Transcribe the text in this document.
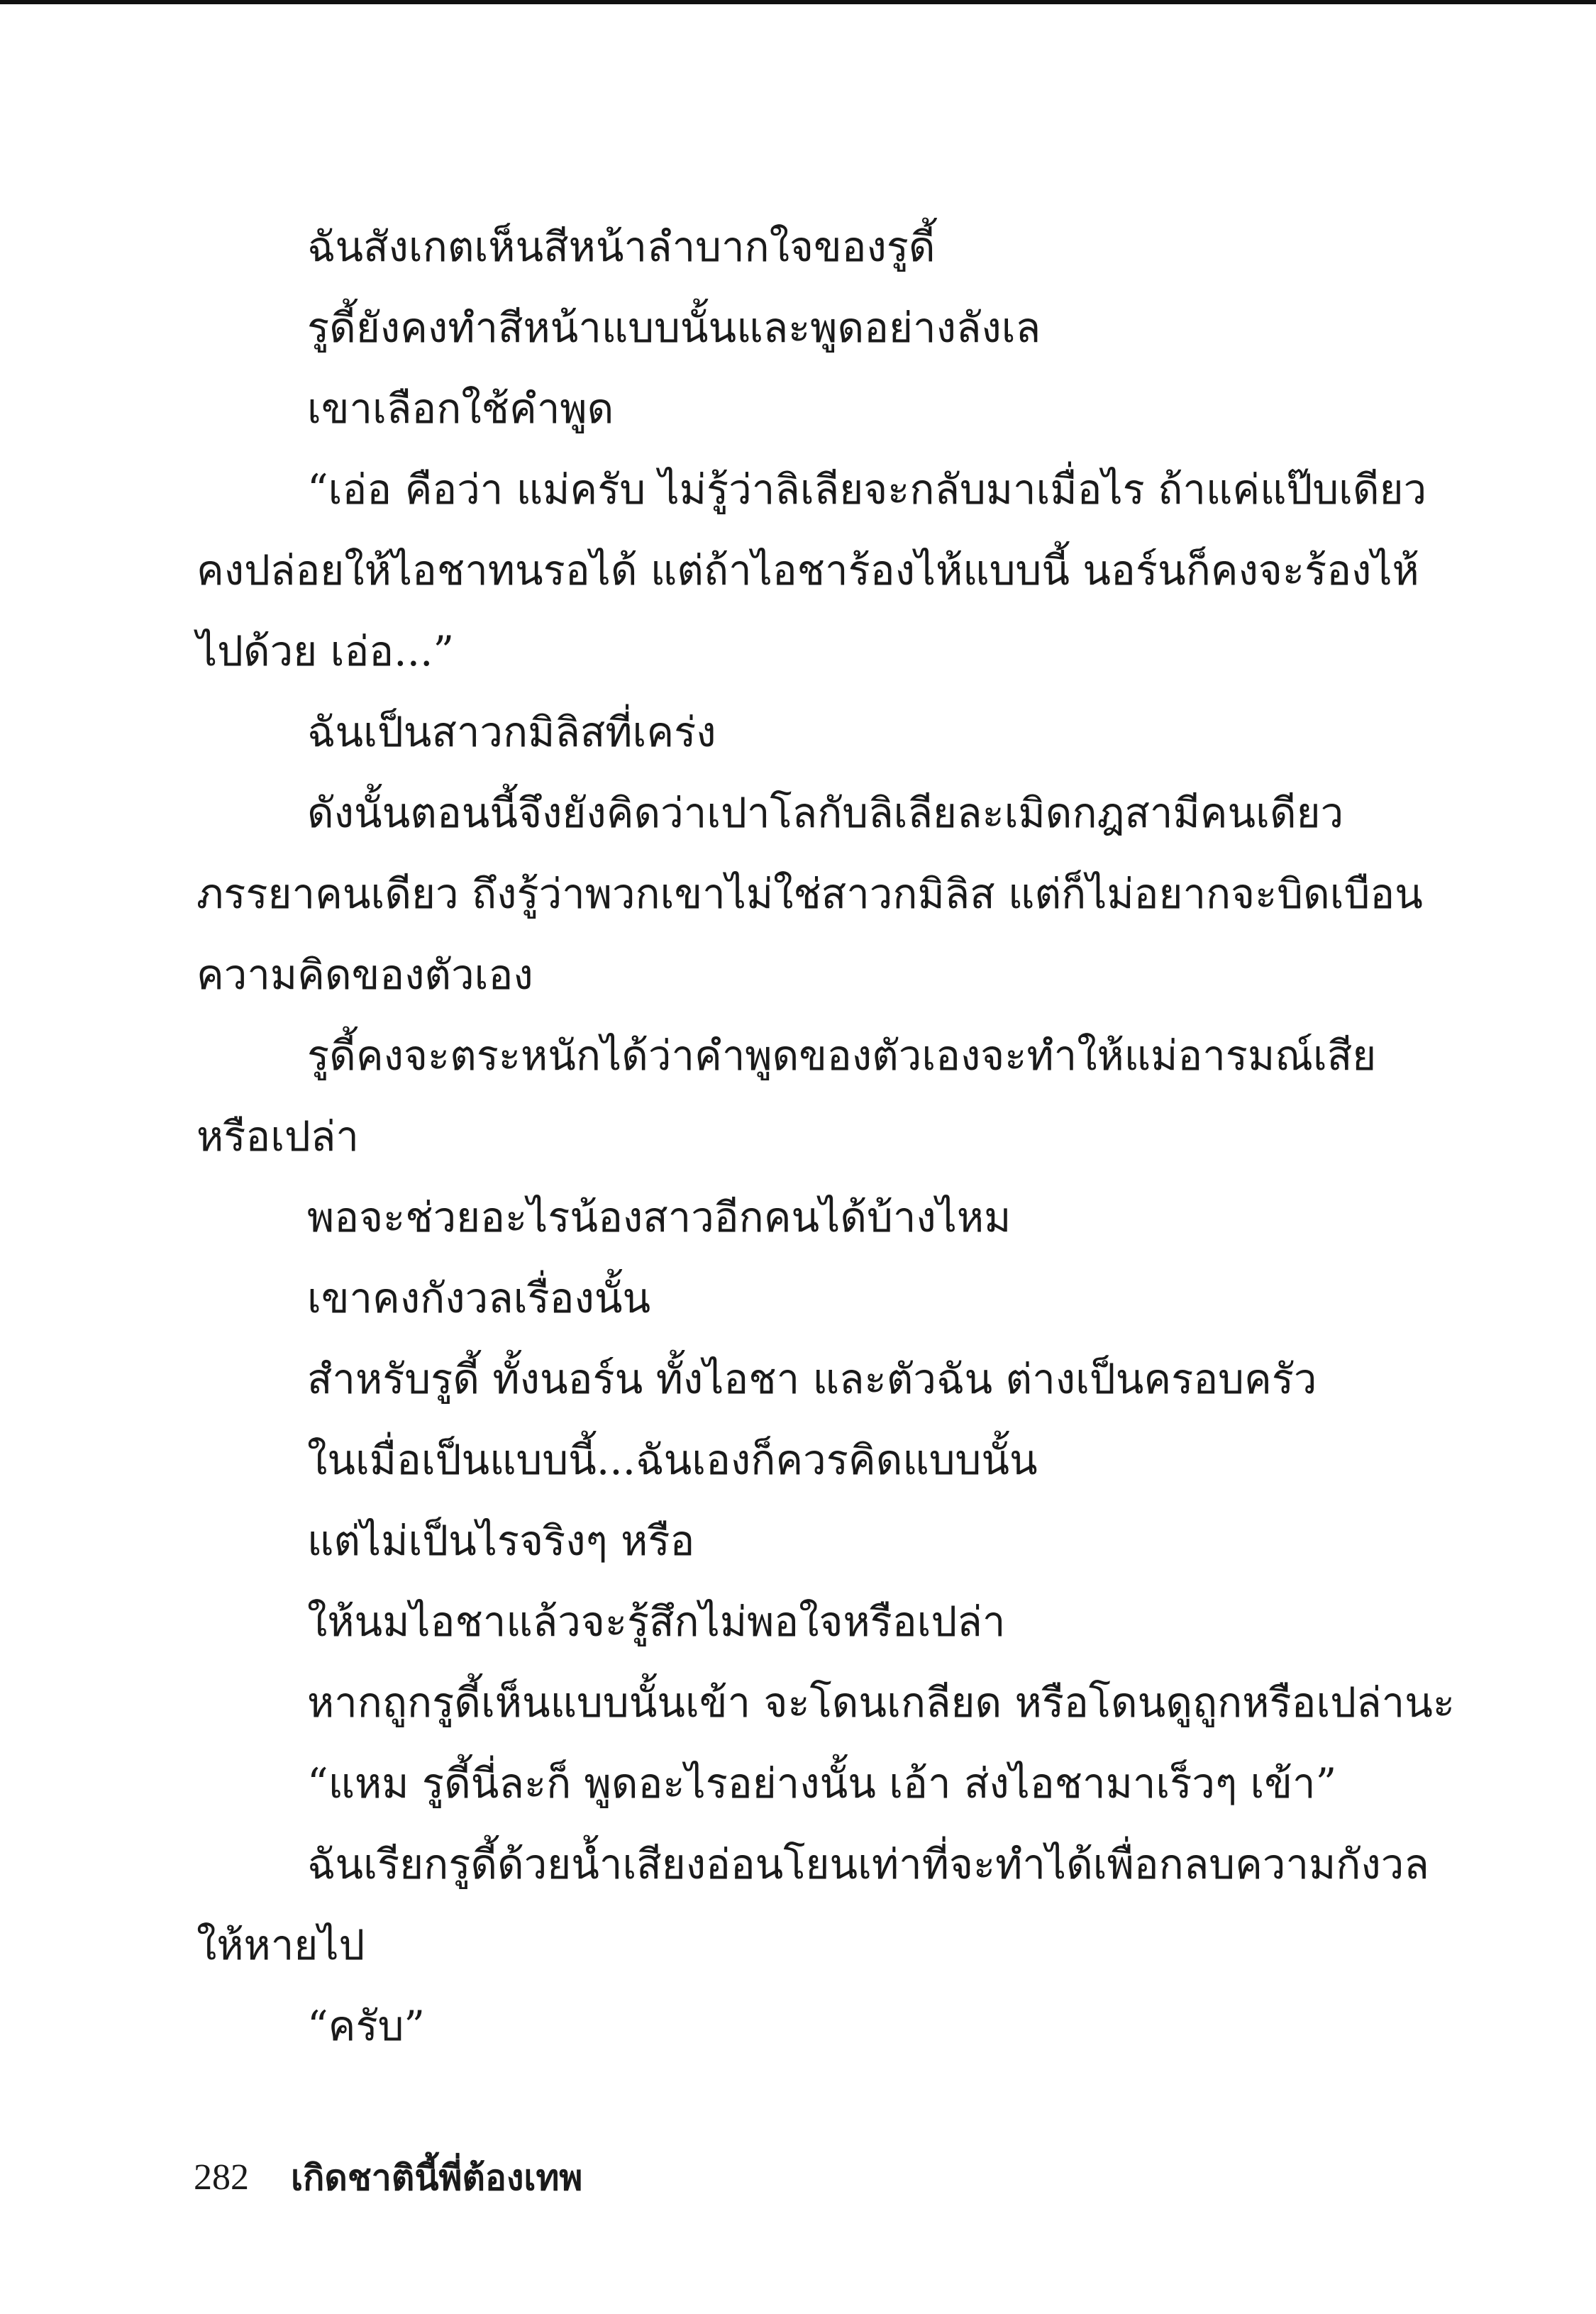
ฉันสังเกตเห็นสีหน้าลำบากใจของรูดี้
รูดี้ยังคงทำสีหน้าแบบนั้นและพูดอย่างลังเล
เขาเลือกใช้คำพูด
“เอ่อ คือว่า แม่ครับ ไม่รู้ว่าลิเลียจะกลับมาเมื่อไร ถ้าแค่แป๊บเดียว
คงปล่อยให้ไอชาทนรอได้ แต่ถ้าไอชาร้องไห้แบบนี้ นอร์นก็คงจะร้องไห้
ไปด้วย เอ่อ...”
ฉันเป็นสาวกมิลิสที่เคร่ง
ดังนั้นตอนนี้จึงยังคิดว่าเปาโลกับลิเลียละเมิดกฎสามีคนเดียว
ภรรยาคนเดียว ถึงรู้ว่าพวกเขาไม่ใช่สาวกมิลิส แต่ก็ไม่อยากจะบิดเบือน
ความคิดของตัวเอง
รูดี้คงจะตระหนักได้ว่าคำพูดของตัวเองจะทำให้แม่อารมณ์เสีย
หรือเปล่า
พอจะช่วยอะไรน้องสาวอีกคนได้บ้างไหม
เขาคงกังวลเรื่องนั้น
สำหรับรูดี้ ทั้งนอร์น ทั้งไอชา และตัวฉัน ต่างเป็นครอบครัว
ในเมื่อเป็นแบบนี้...ฉันเองก็ควรคิดแบบนั้น
แต่ไม่เป็นไรจริงๆ หรือ
ให้นมไอชาแล้วจะรู้สึกไม่พอใจหรือเปล่า
หากถูกรูดี้เห็นแบบนั้นเข้า จะโดนเกลียด หรือโดนดูถูกหรือเปล่านะ
“แหม รูดี้นี่ละก็ พูดอะไรอย่างนั้น เอ้า ส่งไอชามาเร็วๆ เข้า”
ฉันเรียกรูดี้ด้วยน้ำเสียงอ่อนโยนเท่าที่จะทำได้เพื่อกลบความกังวล
ให้หายไป
“ครับ”
282 เกิดชาตินี้พี่ต้องเทพ
